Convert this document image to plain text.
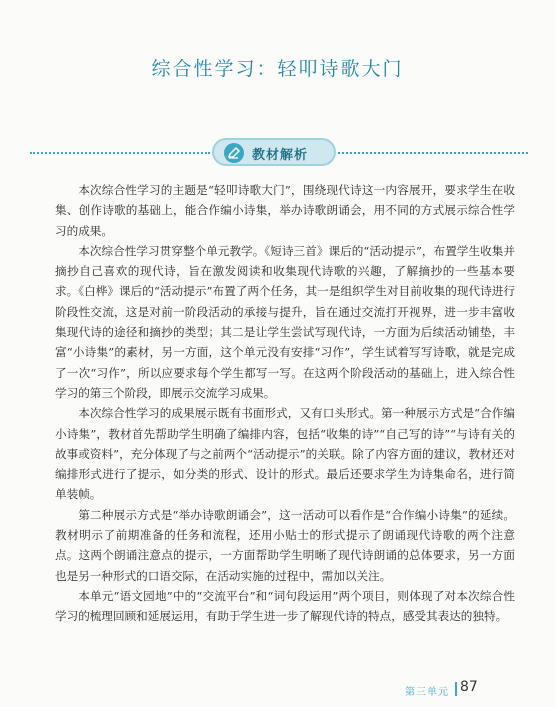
综合性学习：轻叩诗歌大门
教材解析

本次综合性学习的主题是“轻叩诗歌大门”，围绕现代诗这一内容展开，要求学生在收集、创作诗歌的基础上，能合作编小诗集，举办诗歌朗诵会，用不同的方式展示综合性学习的成果。

本次综合性学习贯穿整个单元教学。《短诗三首》课后的“活动提示”，布置学生收集并摘抄自己喜欢的现代诗，旨在激发阅读和收集现代诗歌的兴趣，了解摘抄的一些基本要求。《白桦》课后的“活动提示”布置了两个任务，其一是组织学生对目前收集的现代诗进行阶段性交流，这是对前一阶段活动的承接与提升，旨在通过交流打开视界，进一步丰富收集现代诗的途径和摘抄的类型；其二是让学生尝试写现代诗，一方面为后续活动铺垫，丰富“小诗集”的素材，另一方面，这个单元没有安排“习作”，学生试着写写诗歌，就是完成了一次“习作”，所以应要求每个学生都写一写。在这两个阶段活动的基础上，进入综合性学习的第三个阶段，即展示交流学习成果。

本次综合性学习的成果展示既有书面形式，又有口头形式。第一种展示方式是“合作编小诗集”，教材首先帮助学生明确了编排内容，包括“收集的诗”“自己写的诗”“与诗有关的故事或资料”，充分体现了与之前两个“活动提示”的关联。除了内容方面的建议，教材还对编排形式进行了提示，如分类的形式、设计的形式。最后还要求学生为诗集命名，进行简单装帧。

第二种展示方式是“举办诗歌朗诵会”，这一活动可以看作是“合作编小诗集”的延续。教材明示了前期准备的任务和流程，还用小贴士的形式提示了朗诵现代诗歌的两个注意点。这两个朗诵注意点的提示，一方面帮助学生明晰了现代诗朗诵的总体要求，另一方面也是另一种形式的口语交际，在活动实施的过程中，需加以关注。

本单元“语文园地”中的“交流平台”和“词句段运用”两个项目，则体现了对本次综合性学习的梳理回顾和延展运用，有助于学生进一步了解现代诗的特点，感受其表达的独特。

第三单元 87
